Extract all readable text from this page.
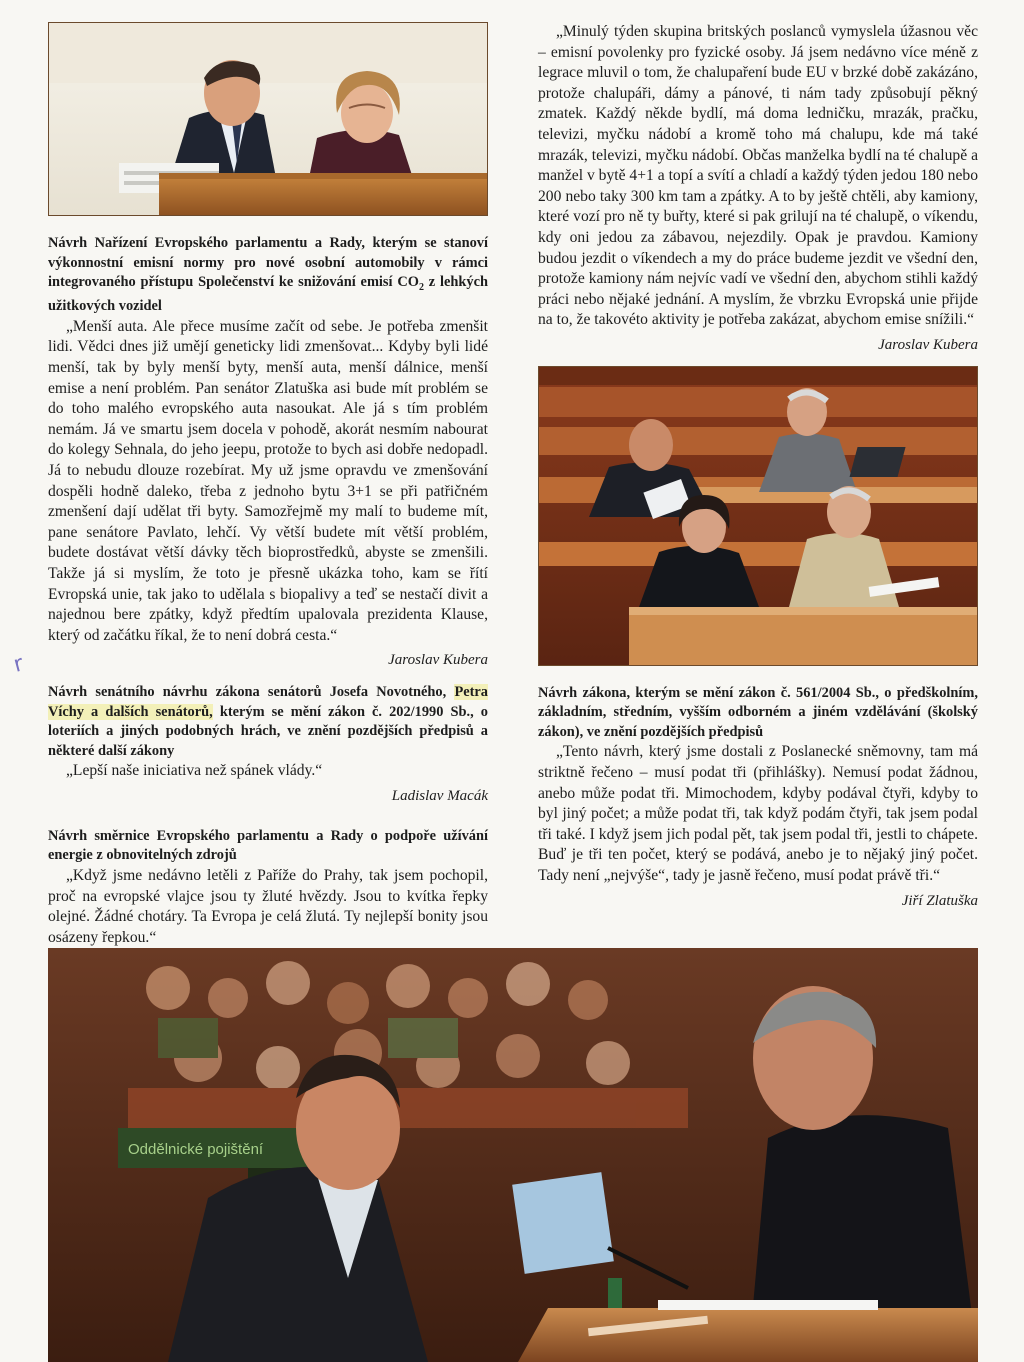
Návrh Nařízení Evropského parlamentu a Rady, kterým se stanoví výkonnostní emisní normy pro nové osobní automobily v rámci integrovaného přístupu Společenství ke snižování emisí $CO_2$ z lehkých užitkových vozidel

„Menší auta. Ale přece musíme začít od sebe. Je potřeba zmenšit lidi. Vědci dnes již umějí geneticky lidi zmenšovat... Kdyby byli lidé menší, tak by byly menší byty, menší auta, menší dálnice, menší emise a není problém. Pan senátor Zlatuška asi bude mít problém se do toho malého evropského auta nasoukat. Ale já s tím problém nemám. Já ve smartu jsem docela v pohodě, akorát nesmím nabourat do kolegy Sehnala, do jeho jeepu, protože to bych asi dobře nedopadl. Já to nebudu dlouze rozebírat. My už jsme opravdu ve zmenšování dospěli hodně daleko, třeba z jednoho bytu 3+1 se při patřičném zmenšení dají udělat tři byty. Samozřejmě my malí to budeme mít, pane senátore Pavlato, lehčí. Vy větší budete mít větší problém, budete dostávat větší dávky těch bioprostředků, abyste se zmenšili. Takže já si myslím, že toto je přesně ukázka toho, kam se řítí Evropská unie, tak jako to udělala s biopalivy a teď se nestačí divit a najednou bere zpátky, když předtím upalovala prezidenta Klause, který od začátku říkal, že to není dobrá cesta.“

Jaroslav Kubera

Návrh senátního návrhu zákona senátorů Josefa Novotného, Petra Víchy a dalších senátorů, kterým se mění zákon č. 202/1990 Sb., o loteriích a jiných podobných hrách, ve znění pozdějších předpisů a některé další zákony

„Lepší naše iniciativa než spánek vlády.“

Ladislav Macák

Návrh směrnice Evropského parlamentu a Rady o podpoře užívání energie z obnovitelných zdrojů

„Když jsme nedávno letěli z Paříže do Prahy, tak jsem pochopil, proč na evropské vlajce jsou ty žluté hvězdy. Jsou to kvítka řepky olejné. Žádné chotáry. Ta Evropa je celá žlutá. Ty nejlepší bonity jsou osázeny řepkou.“

r

„Minulý týden skupina britských poslanců vymyslela úžasnou věc – emisní povolenky pro fyzické osoby. Já jsem nedávno více méně z legrace mluvil o tom, že chalupaření bude EU v brzké době zakázáno, protože chalupáři, dámy a pánové, ti nám tady způsobují pěkný zmatek. Každý někde bydlí, má doma ledničku, mrazák, pračku, televizi, myčku nádobí a kromě toho má chalupu, kde má také mrazák, televizi, myčku nádobí. Občas manželka bydlí na té chalupě a manžel v bytě 4+1 a topí a svítí a chladí a každý týden jedou 180 nebo 200 nebo taky 300 km tam a zpátky. A to by ještě chtěli, aby kamiony, které vozí pro ně ty buřty, které si pak grilují na té chalupě, o víkendu, kdy oni jedou za zábavou, nejezdily. Opak je pravdou. Kamiony budou jezdit o víkendech a my do práce budeme jezdit ve všední den, protože kamiony nám nejvíc vadí ve všední den, abychom stihli každý práci nebo nějaké jednání. A myslím, že vbrzku Evropská unie přijde na to, že takovéto aktivity je potřeba zakázat, abychom emise snížili.“

Jaroslav Kubera

Návrh zákona, kterým se mění zákon č. 561/2004 Sb., o předškolním, základním, středním, vyšším odborném a jiném vzdělávání (školský zákon), ve znění pozdějších předpisů

„Tento návrh, který jsme dostali z Poslanecké sněmovny, tam má striktně řečeno – musí podat tři (přihlášky). Nemusí podat žádnou, anebo může podat tři. Mimochodem, kdyby podával čtyři, kdyby to byl jiný počet; a může podat tři, tak když podám čtyři, tak jsem podal tři také. I když jsem jich podal pět, tak jsem podal tři, jestli to chápete. Buď je tři ten počet, který se podává, anebo je to nějaký jiný počet. Tady není „nejvýše“, tady je jasně řečeno, musí podat právě tři.“

Jiří Zlatuška

Oddělnické pojištění
